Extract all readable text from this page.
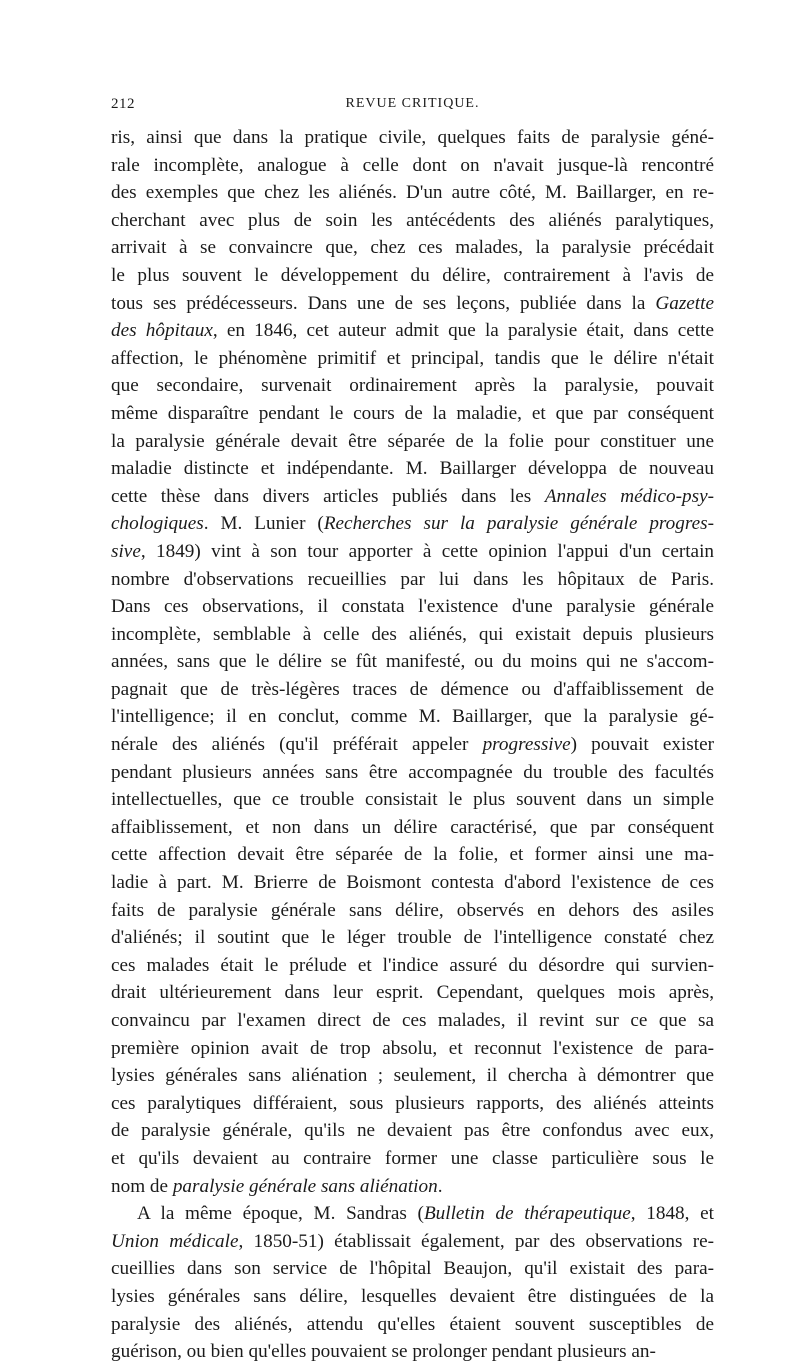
212	REVUE CRITIQUE.
ris, ainsi que dans la pratique civile, quelques faits de paralysie géné-
rale incomplète, analogue à celle dont on n'avait jusque-là rencontré
des exemples que chez les aliénés. D'un autre côté, M. Baillarger, en re-
cherchant avec plus de soin les antécédents des aliénés paralytiques,
arrivait à se convaincre que, chez ces malades, la paralysie précédait
le plus souvent le développement du délire, contrairement à l'avis de
tous ses prédécesseurs. Dans une de ses leçons, publiée dans la Gazette
des hôpitaux, en 1846, cet auteur admit que la paralysie était, dans cette
affection, le phénomène primitif et principal, tandis que le délire n'était
que secondaire, survenait ordinairement après la paralysie, pouvait
même disparaître pendant le cours de la maladie, et que par conséquent
la paralysie générale devait être séparée de la folie pour constituer une
maladie distincte et indépendante. M. Baillarger développa de nouveau
cette thèse dans divers articles publiés dans les Annales médico-psy-
chologiques. M. Lunier (Recherches sur la paralysie générale progres-
sive, 1849) vint à son tour apporter à cette opinion l'appui d'un certain
nombre d'observations recueillies par lui dans les hôpitaux de Paris.
Dans ces observations, il constata l'existence d'une paralysie générale
incomplète, semblable à celle des aliénés, qui existait depuis plusieurs
années, sans que le délire se fût manifesté, ou du moins qui ne s'accom-
pagnait que de très-légères traces de démence ou d'affaiblissement de
l'intelligence; il en conclut, comme M. Baillarger, que la paralysie gé-
nérale des aliénés (qu'il préférait appeler progressive) pouvait exister
pendant plusieurs années sans être accompagnée du trouble des facultés
intellectuelles, que ce trouble consistait le plus souvent dans un simple
affaiblissement, et non dans un délire caractérisé, que par conséquent
cette affection devait être séparée de la folie, et former ainsi une ma-
ladie à part. M. Brierre de Boismont contesta d'abord l'existence de ces
faits de paralysie générale sans délire, observés en dehors des asiles
d'aliénés; il soutint que le léger trouble de l'intelligence constaté chez
ces malades était le prélude et l'indice assuré du désordre qui survien-
drait ultérieurement dans leur esprit. Cependant, quelques mois après,
convaincu par l'examen direct de ces malades, il revint sur ce que sa
première opinion avait de trop absolu, et reconnut l'existence de para-
lysies générales sans aliénation ; seulement, il chercha à démontrer que
ces paralytiques différaient, sous plusieurs rapports, des aliénés atteints
de paralysie générale, qu'ils ne devaient pas être confondus avec eux,
et qu'ils devaient au contraire former une classe particulière sous le
nom de paralysie générale sans aliénation.
A la même époque, M. Sandras (Bulletin de thérapeutique, 1848, et
Union médicale, 1850-51) établissait également, par des observations re-
cueillies dans son service de l'hôpital Beaujon, qu'il existait des para-
lysies générales sans délire, lesquelles devaient être distinguées de la
paralysie des aliénés, attendu qu'elles étaient souvent susceptibles de
guérison, ou bien qu'elles pouvaient se prolonger pendant plusieurs an-
